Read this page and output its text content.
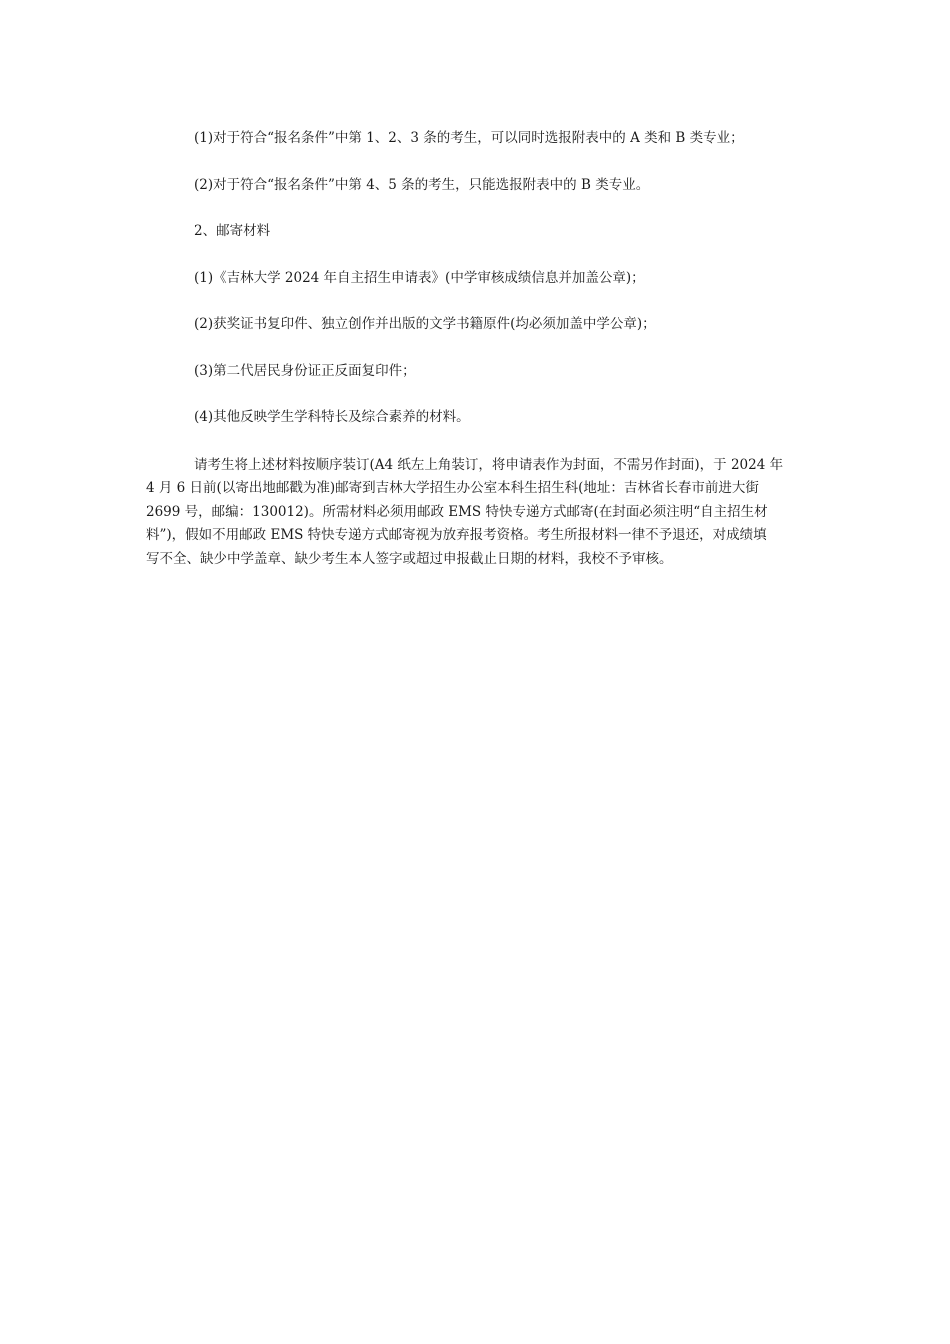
(1)对于符合“报名条件”中第 1、2、3 条的考生，可以同时选报附表中的 A 类和 B 类专业；

(2)对于符合“报名条件”中第 4、5 条的考生，只能选报附表中的 B 类专业。

2、邮寄材料

(1)《吉林大学 2024 年自主招生申请表》(中学审核成绩信息并加盖公章)；

(2)获奖证书复印件、独立创作并出版的文学书籍原件(均必须加盖中学公章)；

(3)第二代居民身份证正反面复印件；

(4)其他反映学生学科特长及综合素养的材料。

请考生将上述材料按顺序装订(A4 纸左上角装订，将申请表作为封面，不需另作封面)，于 2024 年

4 月 6 日前(以寄出地邮戳为准)邮寄到吉林大学招生办公室本科生招生科(地址：吉林省长春市前进大街

2699 号，邮编：130012)。所需材料必须用邮政 EMS 特快专递方式邮寄(在封面必须注明“自主招生材

料”)，假如不用邮政 EMS 特快专递方式邮寄视为放弃报考资格。考生所报材料一律不予退还，对成绩填

写不全、缺少中学盖章、缺少考生本人签字或超过申报截止日期的材料，我校不予审核。
